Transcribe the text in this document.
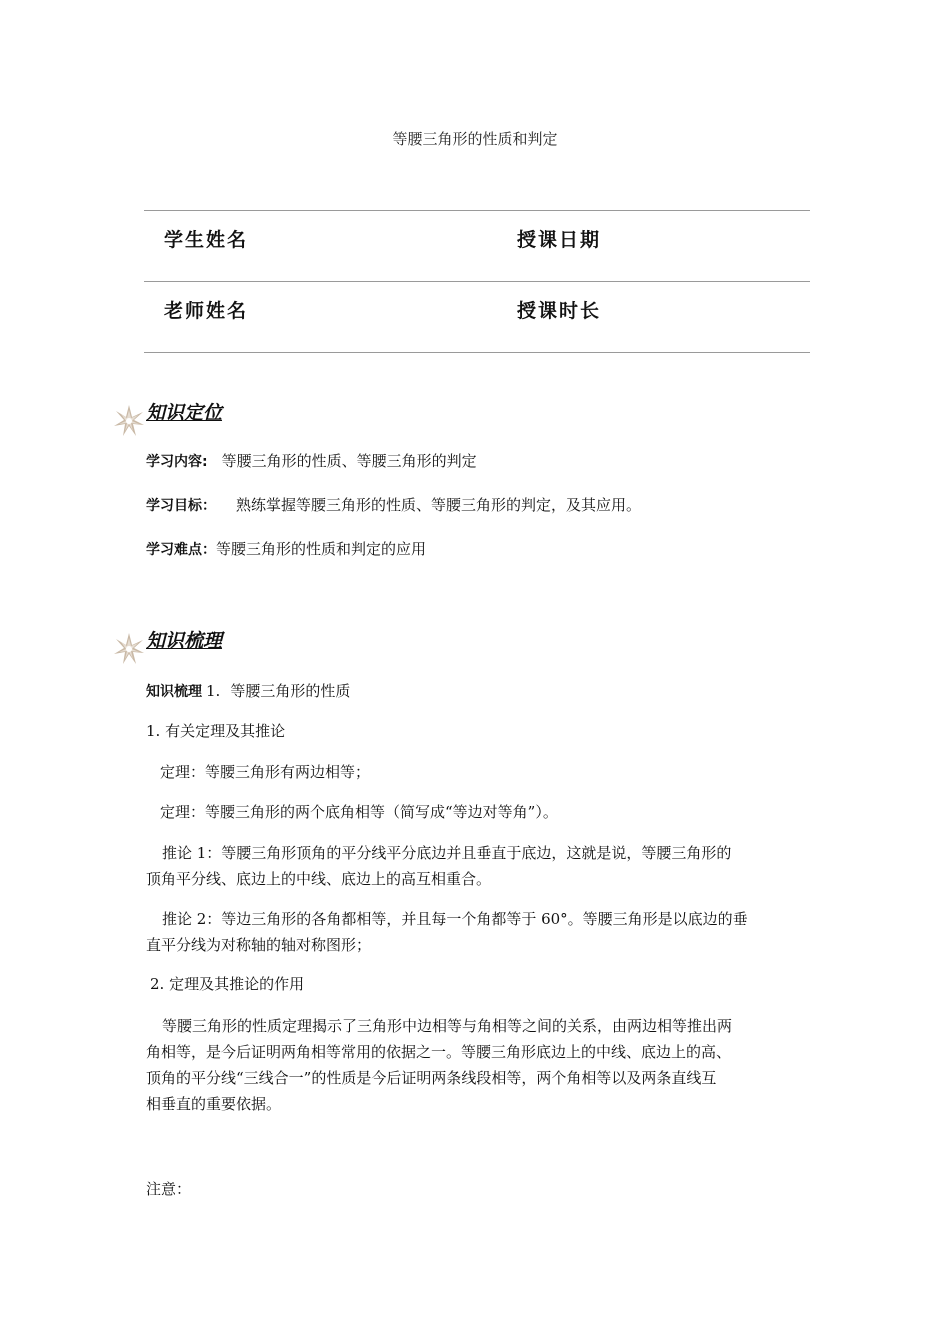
等腰三角形的性质和判定
学生姓名	授课日期
老师姓名	授课时长
知识定位
学习内容: 等腰三角形的性质、等腰三角形的判定
学习目标： 熟练掌握等腰三角形的性质、等腰三角形的判定，及其应用。
学习难点：等腰三角形的性质和判定的应用
知识梳理
知识梳理 1. 等腰三角形的性质
1. 有关定理及其推论
定理：等腰三角形有两边相等；
定理：等腰三角形的两个底角相等（简写成“等边对等角”）。
推论 1：等腰三角形顶角的平分线平分底边并且垂直于底边，这就是说，等腰三角形的
顶角平分线、底边上的中线、底边上的高互相重合。
推论 2：等边三角形的各角都相等，并且每一个角都等于 60°。等腰三角形是以底边的垂
直平分线为对称轴的轴对称图形；
2. 定理及其推论的作用
等腰三角形的性质定理揭示了三角形中边相等与角相等之间的关系，由两边相等推出两
角相等，是今后证明两角相等常用的依据之一。等腰三角形底边上的中线、底边上的高、
顶角的平分线“三线合一”的性质是今后证明两条线段相等，两个角相等以及两条直线互
相垂直的重要依据。
注意：
